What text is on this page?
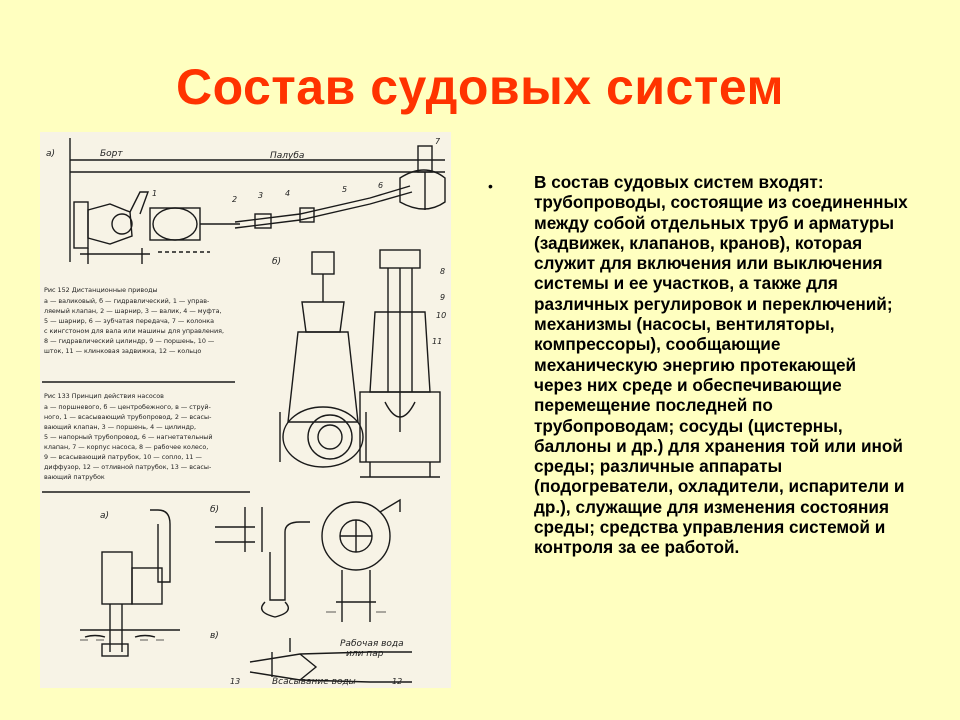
Состав судовых систем
Рис 152 Дистанционные приводы
а — валиковый, б — гидравлический, 1 — управ-
ляемый клапан, 2 — шарнир, 3 — валик, 4 — муфта,
5 — шарнир, 6 — зубчатая передача, 7 — колонка
с кингстоном для вала или машины для управления,
8 — гидравлический цилиндр, 9 — поршень, 10 —
шток, 11 — клинковая задвижка, 12 — кольцо
Рис 133 Принцип действия насосов
а — поршневого, б — центробежного, в — струй-
ного, 1 — всасывающий трубопровод, 2 — всасы-
вающий клапан, 3 — поршень, 4 — цилиндр,
5 — напорный трубопровод, 6 — нагнетательный
клапан, 7 — корпус насоса, 8 — рабочее колесо,
9 — всасывающий патрубок, 10 — сопло, 11 —
диффузор, 12 — отливной патрубок, 13 — всасы-
вающий патрубок
а)	Борт	Палуба
б)
а)
б)
в)
Рабочая вода
или пар
Всасывание воды
1
2	3	4	5	6
7
8
9
10
11
12
13
• В состав судовых систем входят: трубопроводы, состоящие из соединенных между собой отдельных труб и арматуры (задвижек, клапанов, кранов), которая служит для включения или выключения системы и ее участков, а также для различных регулировок и переключений; механизмы (насосы, вентиляторы, компрессоры), сообщающие механическую энергию протекающей через них среде и обеспечивающие перемещение последней по трубопроводам; сосуды (цистерны, баллоны и др.) для хранения той или иной среды; различные аппараты (подогреватели, охладители, испарители и др.), служащие для изменения состояния среды; средства управления системой и контроля за ее работой.
